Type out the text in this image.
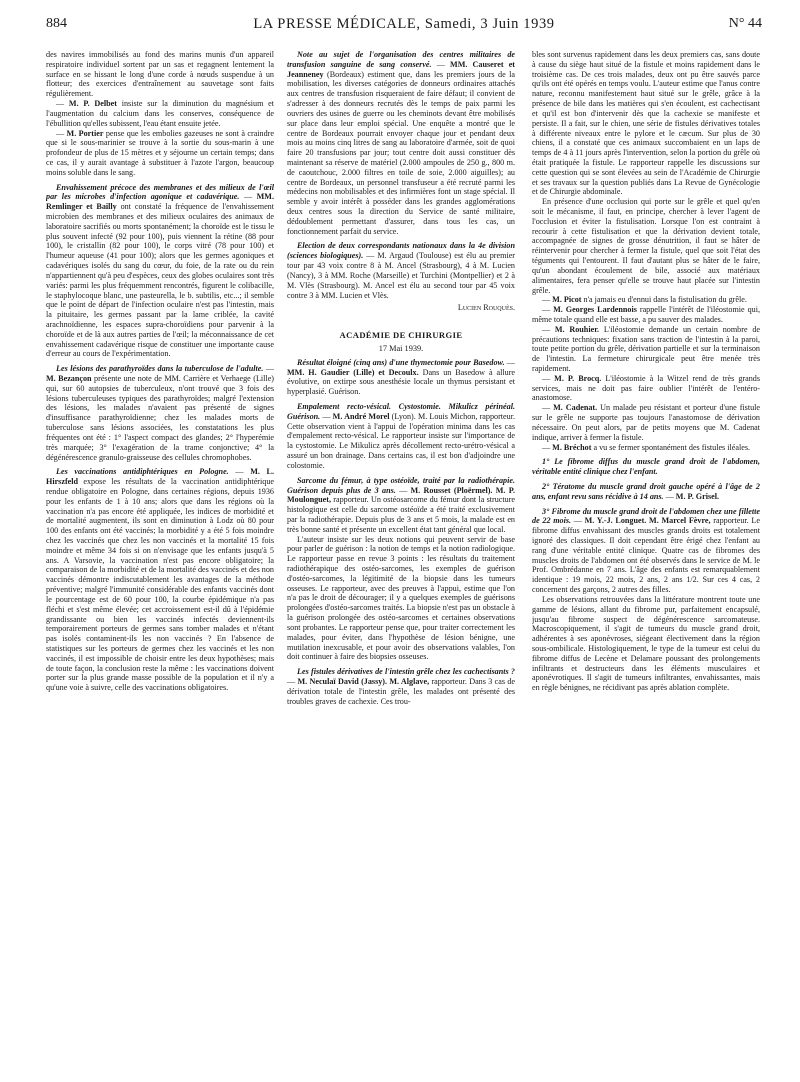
884	LA PRESSE MÉDICALE, Samedi, 3 Juin 1939	N° 44

des navires immobilisés au fond des marins munis d'un appareil respiratoire individuel sortent par un sas et regagnent lentement la surface en se hissant le long d'une corde à nœuds suspendue à un flotteur; des exercices d'entraînement au sauvetage sont faits régulièrement.

— M. P. Delbet insiste sur la diminution du magnésium et l'augmentation du calcium dans les conserves, conséquence de l'ébullition qu'elles subissent, l'eau étant ensuite jetée.

— M. Portier pense que les embolies gazeuses ne sont à craindre que si le sous-marinier se trouve à la sortie du sous-marin à une profondeur de plus de 15 mètres et y séjourne un certain temps; dans ce cas, il y aurait avantage à substituer à l'azote l'argon, beaucoup moins soluble dans le sang.

Envahissement précoce des membranes et des milieux de l'œil par les microbes d'infection agonique et cadavérique. — MM. Remlinger et Bailly ont constaté la fréquence de l'envahissement microbien des membranes et des milieux oculaires des animaux de laboratoire sacrifiés ou morts spontanément; la choroïde est le tissu le plus souvent infecté (92 pour 100), puis viennent la rétine (88 pour 100), le cristallin (82 pour 100), le corps vitré (78 pour 100) et l'humeur aqueuse (41 pour 100); alors que les germes agoniques et cadavériques isolés du sang du cœur, du foie, de la rate ou du rein n'appartiennent qu'à peu d'espèces, ceux des globes oculaires sont très variés: parmi les plus fréquemment rencontrés, figurent le colibacille, le staphylocoque blanc, une pasteurella, le b. subtilis, etc...; il semble que le point de départ de l'infection oculaire n'est pas l'intestin, mais la pituitaire, les germes passant par la lame criblée, la cavité arachnoïdienne, les espaces supra-choroïdiens pour parvenir à la choroïde et de là aux autres parties de l'œil; la méconnaissance de cet envahissement cadavérique risque de constituer une importante cause d'erreur au cours de l'expérimentation.

Les lésions des parathyroïdes dans la tuberculose de l'adulte. — M. Bezançon présente une note de MM. Carrière et Verhaege (Lille) qui, sur 60 autopsies de tuberculeux, n'ont trouvé que 3 fois des lésions tuberculeuses typiques des parathyroïdes; malgré l'extension des lésions, les malades n'avaient pas présenté de signes d'insuffisance parathyroïdienne; chez les malades morts de tuberculose sans lésions associées, les constatations les plus fréquentes ont été : 1° l'aspect compact des glandes; 2° l'hyperémie très marquée; 3° l'exagération de la trame conjonctive; 4° la dégénérescence granulo-graisseuse des cellules chromophobes.

Les vaccinations antidiphtériques en Pologne. — M. L. Hirszfeld expose les résultats de la vaccination antidiphtérique rendue obligatoire en Pologne, dans certaines régions, depuis 1936 pour les enfants de 1 à 10 ans; alors que dans les régions où la vaccination n'a pas encore été appliquée, les indices de morbidité et de mortalité augmentent, ils sont en diminution à Lodz où 80 pour 100 des enfants ont été vaccinés; la morbidité y a été 5 fois moindre chez les vaccinés que chez les non vaccinés et la mortalité 15 fois moindre et même 34 fois si on n'envisage que les enfants jusqu'à 5 ans. A Varsovie, la vaccination n'est pas encore obligatoire; la comparaison de la morbidité et de la mortalité des vaccinés et des non vaccinés démontre indiscutablement les avantages de la méthode préventive; malgré l'immunité considérable des enfants vaccinés dont le pourcentage est de 60 pour 100, la courbe épidémique n'a pas fléchi et s'est même élevée; cet accroissement est-il dû à l'épidémie grandissante ou bien les vaccinés infectés deviennent-ils temporairement porteurs de germes sans tomber malades et n'étant pas isolés contaminent-ils les non vaccinés ? En l'absence de statistiques sur les porteurs de germes chez les vaccinés et les non vaccinés, il est impossible de choisir entre les deux hypothèses; mais de toute façon, la conclusion reste la même : les vaccinations doivent porter sur la plus grande masse possible de la population et il n'y a qu'une voie à suivre, celle des vaccinations obligatoires.

Note au sujet de l'organisation des centres militaires de transfusion sanguine de sang conservé. — MM. Causeret et Jeanneney (Bordeaux) estiment que, dans les premiers jours de la mobilisation, les diverses catégories de donneurs ordinaires attachés aux centres de transfusion risqueraient de faire défaut; il convient de s'adresser à des donneurs recrutés dès le temps de paix parmi les ouvriers des usines de guerre ou les cheminots devant être mobilisés sur place dans leur emploi spécial. Une enquête a montré que le centre de Bordeaux pourrait envoyer chaque jour et pendant deux mois au moins cinq litres de sang au laboratoire d'armée, soit de quoi faire 20 transfusions par jour; tout centre doit aussi constituer dès maintenant sa réserve de matériel (2.000 ampoules de 250 g., 800 m. de caoutchouc, 2.000 filtres en toile de soie, 2.000 aiguilles); au centre de Bordeaux, un personnel transfuseur a été recruté parmi les médecins non mobilisables et des infirmières font un stage spécial. Il semble y avoir intérêt à posséder dans les grandes agglomérations deux centres sous la direction du Service de santé militaire, dédoublement permettant d'assurer, dans tous les cas, un fonctionnement parfait du service.

Election de deux correspondants nationaux dans la 4e division (sciences biologiques). — M. Argaud (Toulouse) est élu au premier tour par 43 voix contre 8 à M. Ancel (Strasbourg), 4 à M. Lucien (Nancy), 3 à MM. Roche (Marseille) et Turchini (Montpellier) et 2 à M. Vlès (Strasbourg). M. Ancel est élu au second tour par 45 voix contre 3 à MM. Lucien et Vlès.

Lucien Rouquès.

ACADÉMIE DE CHIRURGIE
17 Mai 1939.

Résultat éloigné (cinq ans) d'une thymectomie pour Basedow. — MM. H. Gaudier (Lille) et Decoulx. Dans un Basedow à allure évolutive, on extirpe sous anesthésie locale un thymus persistant et hyperplasié. Guérison.

Empalement recto-vésical. Cystostomie. Mikulicz périnéal. Guérison. — M. André Morel (Lyon). M. Louis Michon, rapporteur. Cette observation vient à l'appui de l'opération minima dans les cas d'empalement recto-vésical. Le rapporteur insiste sur l'importance de la cystostomie. Le Mikulicz après décollement recto-urétro-vésical a assuré un bon drainage. Dans certains cas, il est bon d'adjoindre une colostomie.

Sarcome du fémur, à type ostéoïde, traité par la radiothérapie. Guérison depuis plus de 3 ans. — M. Rousset (Ploërmel). M. P. Moulonguet, rapporteur. Un ostéosarcome du fémur dont la structure histologique est celle du sarcome ostéoïde a été traité exclusivement par la radiothérapie. Depuis plus de 3 ans et 5 mois, la malade est en très bonne santé et présente un excellent état tant général que local.

L'auteur insiste sur les deux notions qui peuvent servir de base pour parler de guérison : la notion de temps et la notion radiologique. Le rapporteur passe en revue 3 points : les résultats du traitement radiothérapique des ostéo-sarcomes, les exemples de guérison d'ostéo-sarcomes, la légitimité de la biopsie dans les tumeurs osseuses. Le rapporteur, avec des preuves à l'appui, estime que l'on n'a pas le droit de décourager; il y a quelques exemples de guérisons prolongées d'ostéo-sarcomes traités. La biopsie n'est pas un obstacle à la guérison prolongée des ostéo-sarcomes et certaines observations sont probantes. Le rapporteur pense que, pour traiter correctement les malades, pour éviter, dans l'hypothèse de lésion bénigne, une mutilation inexcusable, et pour avoir des observations valables, l'on doit continuer à faire des biopsies osseuses.

Les fistules dérivatives de l'intestin grêle chez les cachectisants ? — M. Neculaï David (Jassy). M. Alglave, rapporteur. Dans 3 cas de dérivation totale de l'intestin grêle, les malades ont présenté des troubles graves de cachexie. Ces trou-

bles sont survenus rapidement dans les deux premiers cas, sans doute à cause du siège haut situé de la fistule et moins rapidement dans le troisième cas. De ces trois malades, deux ont pu être sauvés parce qu'ils ont été opérés en temps voulu. L'auteur estime que l'anus contre nature, reconnu manifestement haut situé sur le grêle, grâce à la présence de bile dans les matières qui s'en écoulent, est cachectisant et qu'il est bon d'intervenir dès que la cachexie se manifeste et persiste. Il a fait, sur le chien, une série de fistules dérivatives totales à différente niveaux entre le pylore et le cæcum. Sur plus de 30 chiens, il a constaté que ces animaux succombaient en un laps de temps de 4 à 11 jours après l'intervention, selon la portion du grêle où était pratiquée la fistule. Le rapporteur rappelle les discussions sur cette question qui se sont élevées au sein de l'Académie de Chirurgie et ses travaux sur la question publiés dans La Revue de Gynécologie et de Chirurgie abdominale.

En présence d'une occlusion qui porte sur le grêle et quel qu'en soit le mécanisme, il faut, en principe, chercher à lever l'agent de l'occlusion et éviter la fistulisation. Lorsque l'on est contraint à recourir à cette fistulisation et que la dérivation devient totale, accompagnée de signes de grosse dénutrition, il faut se hâter de réintervenir pour chercher à fermer la fistule, quel que soit l'état des téguments qui l'entourent. Il faut d'autant plus se hâter de le faire, qu'un abondant écoulement de bile, associé aux matériaux alimentaires, fera penser qu'elle se trouve haut placée sur l'intestin grêle.

— M. Picot n'a jamais eu d'ennui dans la fistulisation du grêle.

— M. Georges Lardennois rappelle l'intérêt de l'iléostomie qui, même totale quand elle est basse, a pu sauver des malades.

— M. Rouhier. L'iléostomie demande un certain nombre de précautions techniques: fixation sans traction de l'intestin à la paroi, toute petite portion du grêle, dérivation partielle et sur la terminaison de l'intestin. La fermeture chirurgicale peut être menée très rapidement.

— M. P. Brocq. L'iléostomie à la Witzel rend de très grands services, mais ne doit pas faire oublier l'intérêt de l'entéro-anastomose.

— M. Cadenat. Un malade peu résistant et porteur d'une fistule sur le grêle ne supporte pas toujours l'anastomose de dérivation nécessaire. On peut alors, par de petits moyens que M. Cadenat indique, arriver à fermer la fistule.

— M. Bréchot a vu se fermer spontanément des fistules iléales.

1° Le fibrome diffus du muscle grand droit de l'abdomen, véritable entité clinique chez l'enfant.

2° Tératome du muscle grand droit gauche opéré à l'âge de 2 ans, enfant revu sans récidive à 14 ans. — M. P. Grisel.

3° Fibrome du muscle grand droit de l'abdomen chez une fillette de 22 mois. — M. Y.-J. Longuet. M. Marcel Fèvre, rapporteur. Le fibrome diffus envahissant des muscles grands droits est totalement ignoré des classiques. Il doit cependant être érigé chez l'enfant au rang d'une véritable entité clinique. Quatre cas de fibromes des muscles droits de l'abdomen ont été observés dans le service de M. le Prof. Ombrédanne en 7 ans. L'âge des enfants est remarquablement identique : 19 mois, 22 mois, 2 ans, 2 ans 1/2. Sur ces 4 cas, 2 concernent des garçons, 2 autres des filles.

Les observations retrouvées dans la littérature montrent toute une gamme de lésions, allant du fibrome pur, parfaitement encapsulé, jusqu'au fibrome suspect de dégénérescence sarcomateuse. Macroscopiquement, il s'agit de tumeurs du muscle grand droit, adhérentes à ses aponévroses, siégeant électivement dans la région sous-ombilicale. Histologiquement, le type de la tumeur est celui du fibrome diffus de Lecène et Delamare poussant des prolongements infiltrants et destructeurs dans les éléments musculaires et aponévrotiques. Il s'agit de tumeurs infiltrantes, envahissantes, mais en règle bénignes, ne récidivant pas après ablation complète.
